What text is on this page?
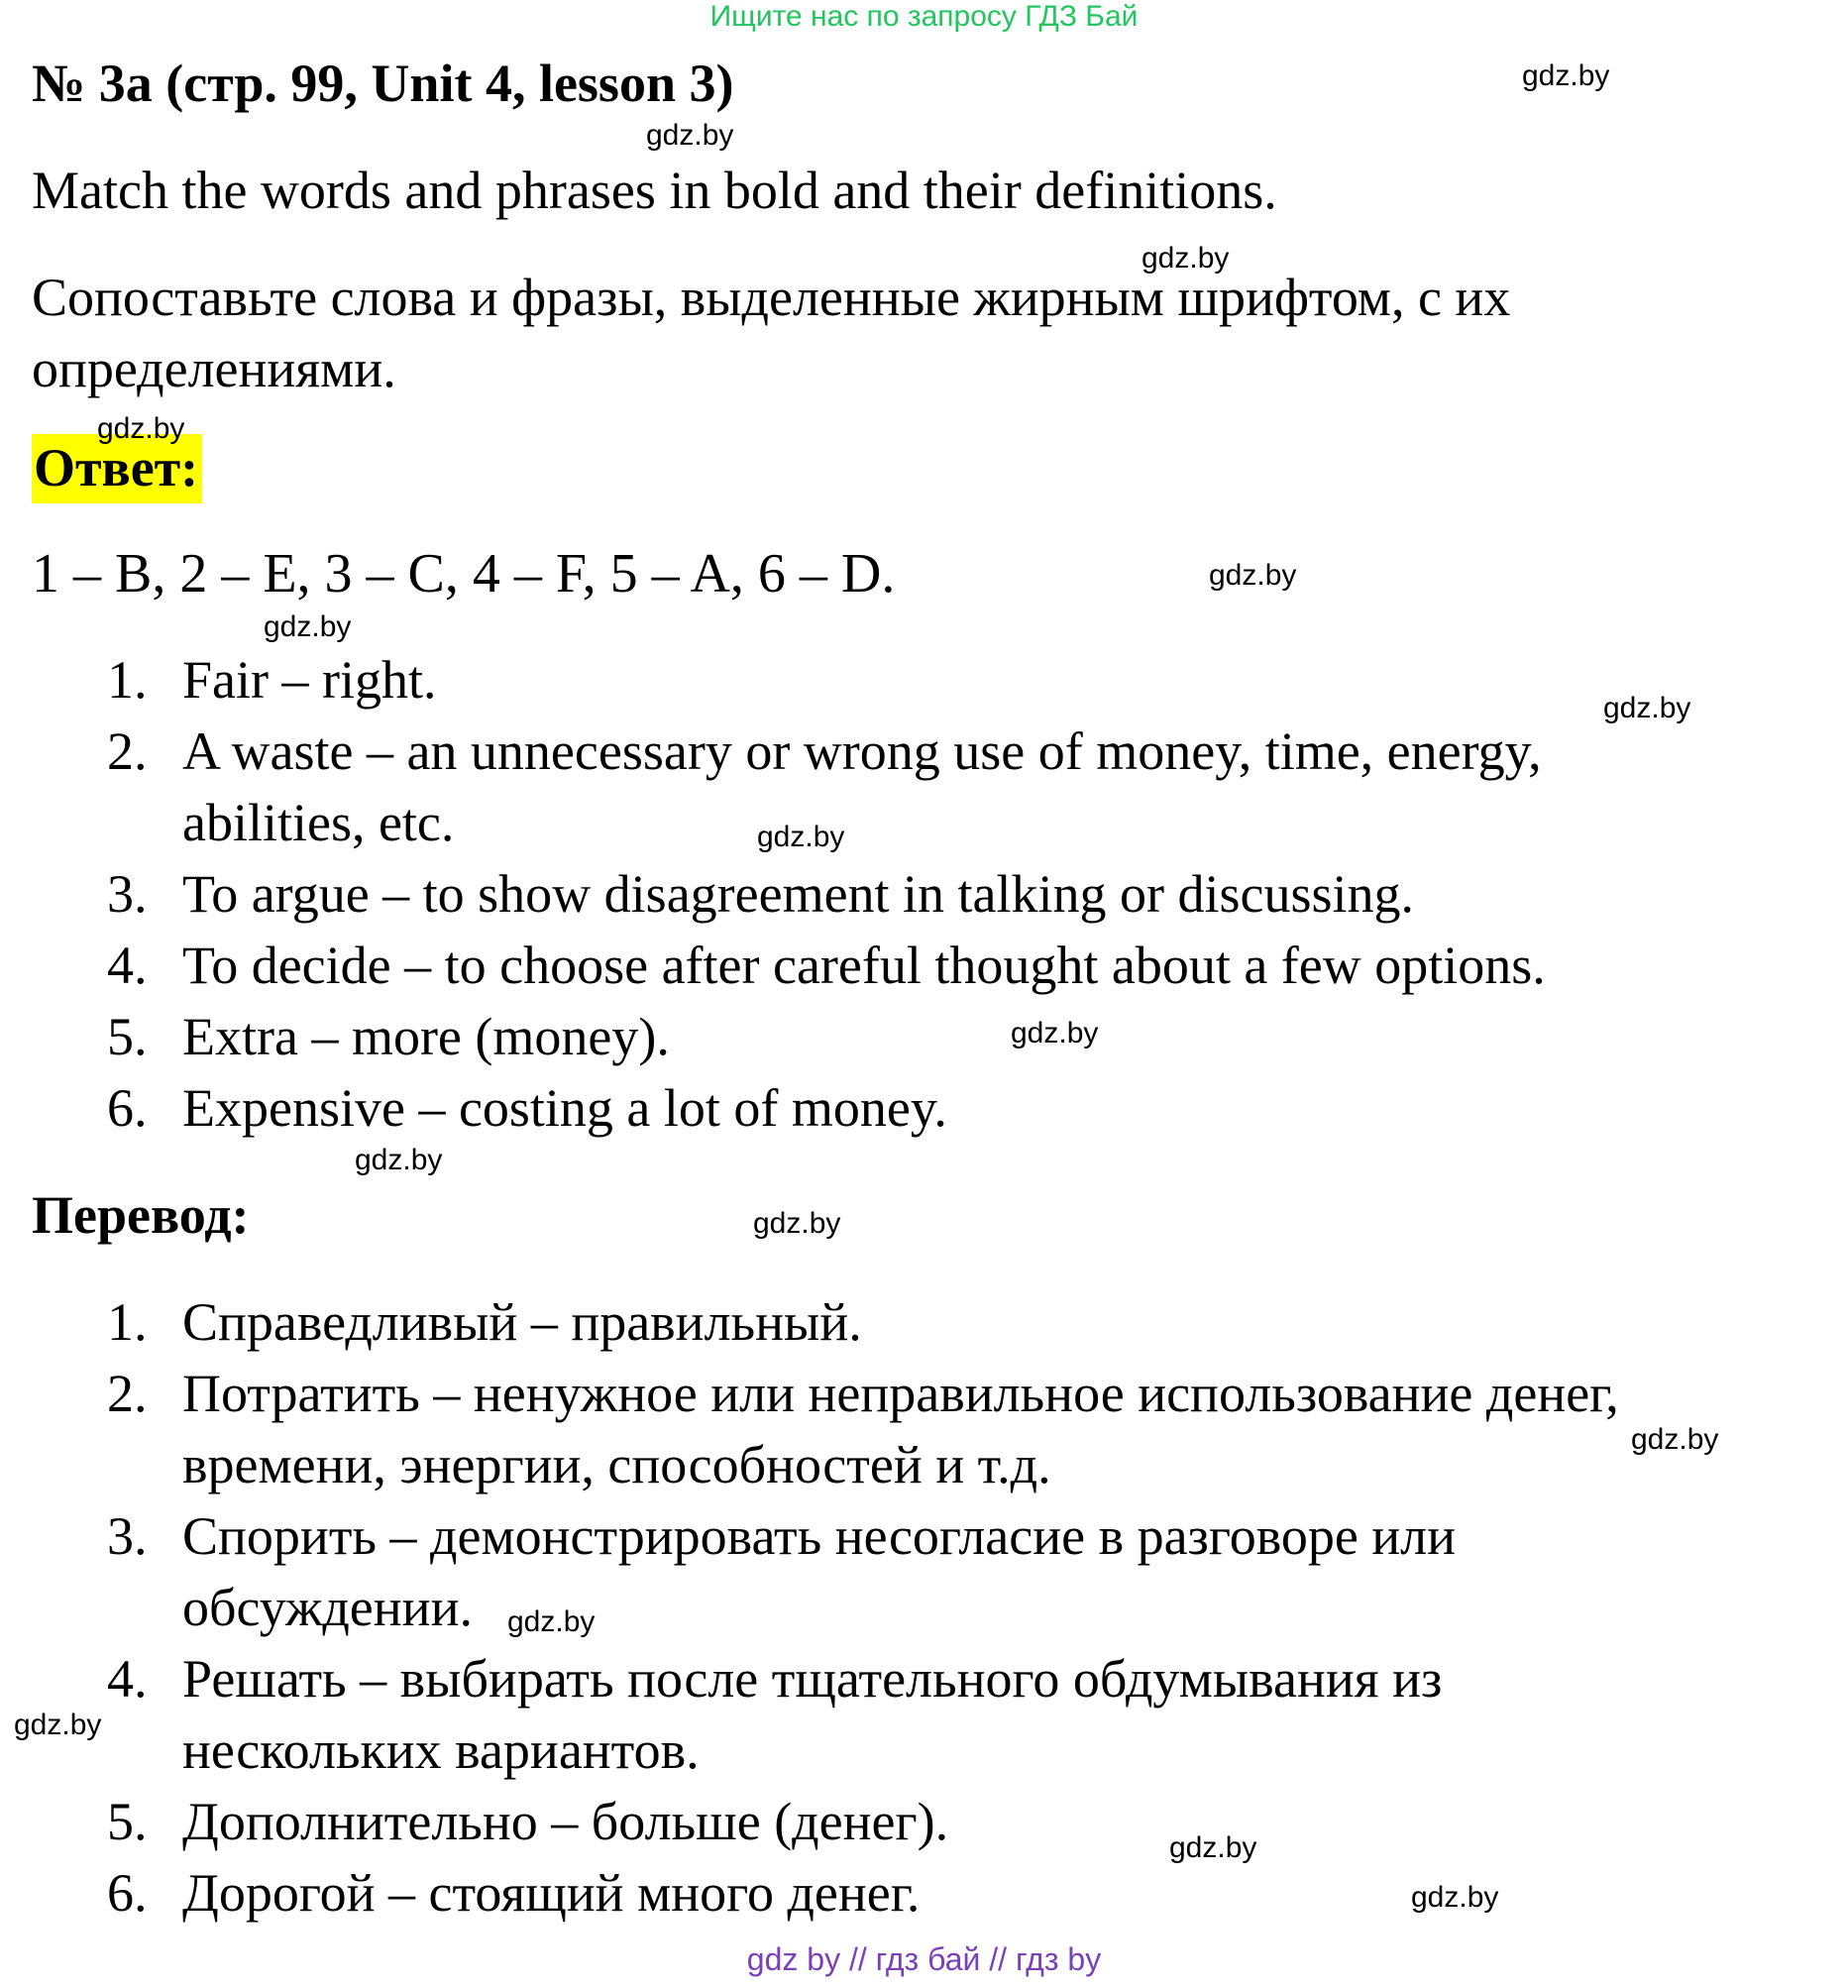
Ищите нас по запросу ГДЗ Бай
№ 3a (стр. 99, Unit 4, lesson 3)
Match the words and phrases in bold and their definitions.
Сопоставьте слова и фразы, выделенные жирным шрифтом, с их
определениями.
Ответ:
1 – B, 2 – E, 3 – C, 4 – F, 5 – A, 6 – D.
1. Fair – right.
2. A waste – an unnecessary or wrong use of money, time, energy,
abilities, etc.
3. To argue – to show disagreement in talking or discussing.
4. To decide – to choose after careful thought about a few options.
5. Extra – more (money).
6. Expensive – costing a lot of money.
Перевод:
1. Справедливый – правильный.
2. Потратить – ненужное или неправильное использование денег,
времени, энергии, способностей и т.д.
3. Спорить – демонстрировать несогласие в разговоре или
обсуждении.
4. Решать – выбирать после тщательного обдумывания из
нескольких вариантов.
5. Дополнительно – больше (денег).
6. Дорогой – стоящий много денег.
gdz.by
gdz.by
gdz.by
gdz.by
gdz.by
gdz.by
gdz.by
gdz.by
gdz.by
gdz.by
gdz.by
gdz.by
gdz.by
gdz.by
gdz.by
gdz.by
gdz by // гдз бай // гдз by
